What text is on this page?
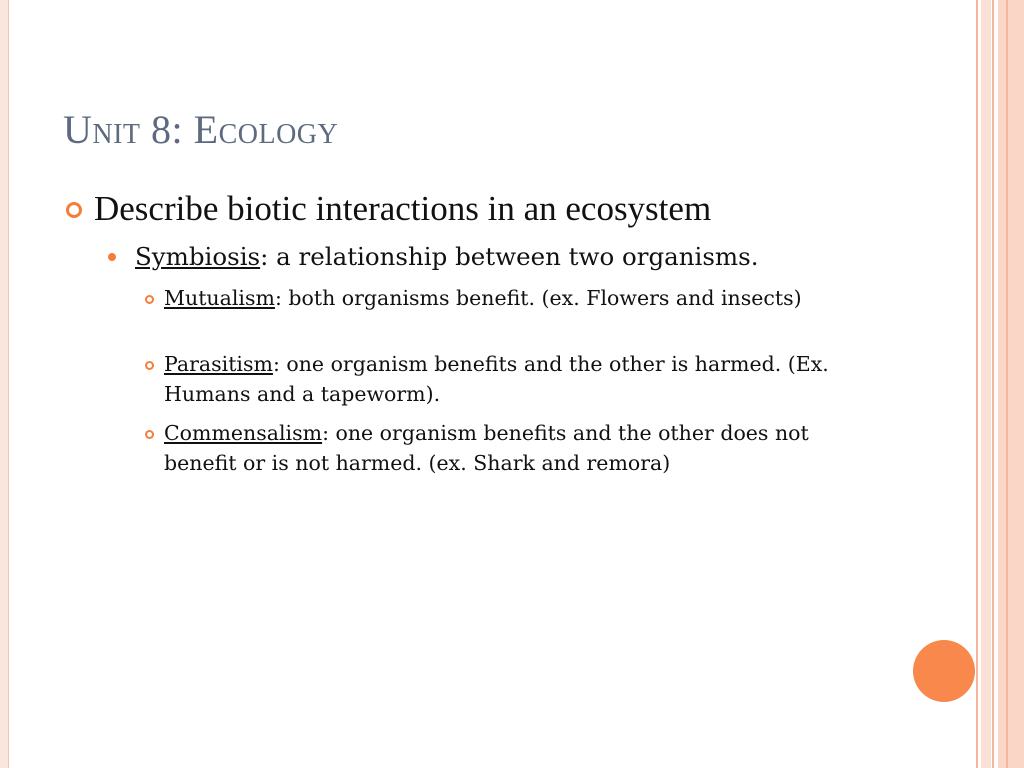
Unit 8: Ecology
Describe biotic interactions in an ecosystem
Symbiosis: a relationship between two organisms.
Mutualism: both organisms benefit. (ex. Flowers and insects)
Parasitism: one organism benefits and the other is harmed. (Ex. Humans and a tapeworm).
Commensalism: one organism benefits and the other does not benefit or is not harmed. (ex. Shark and remora)
